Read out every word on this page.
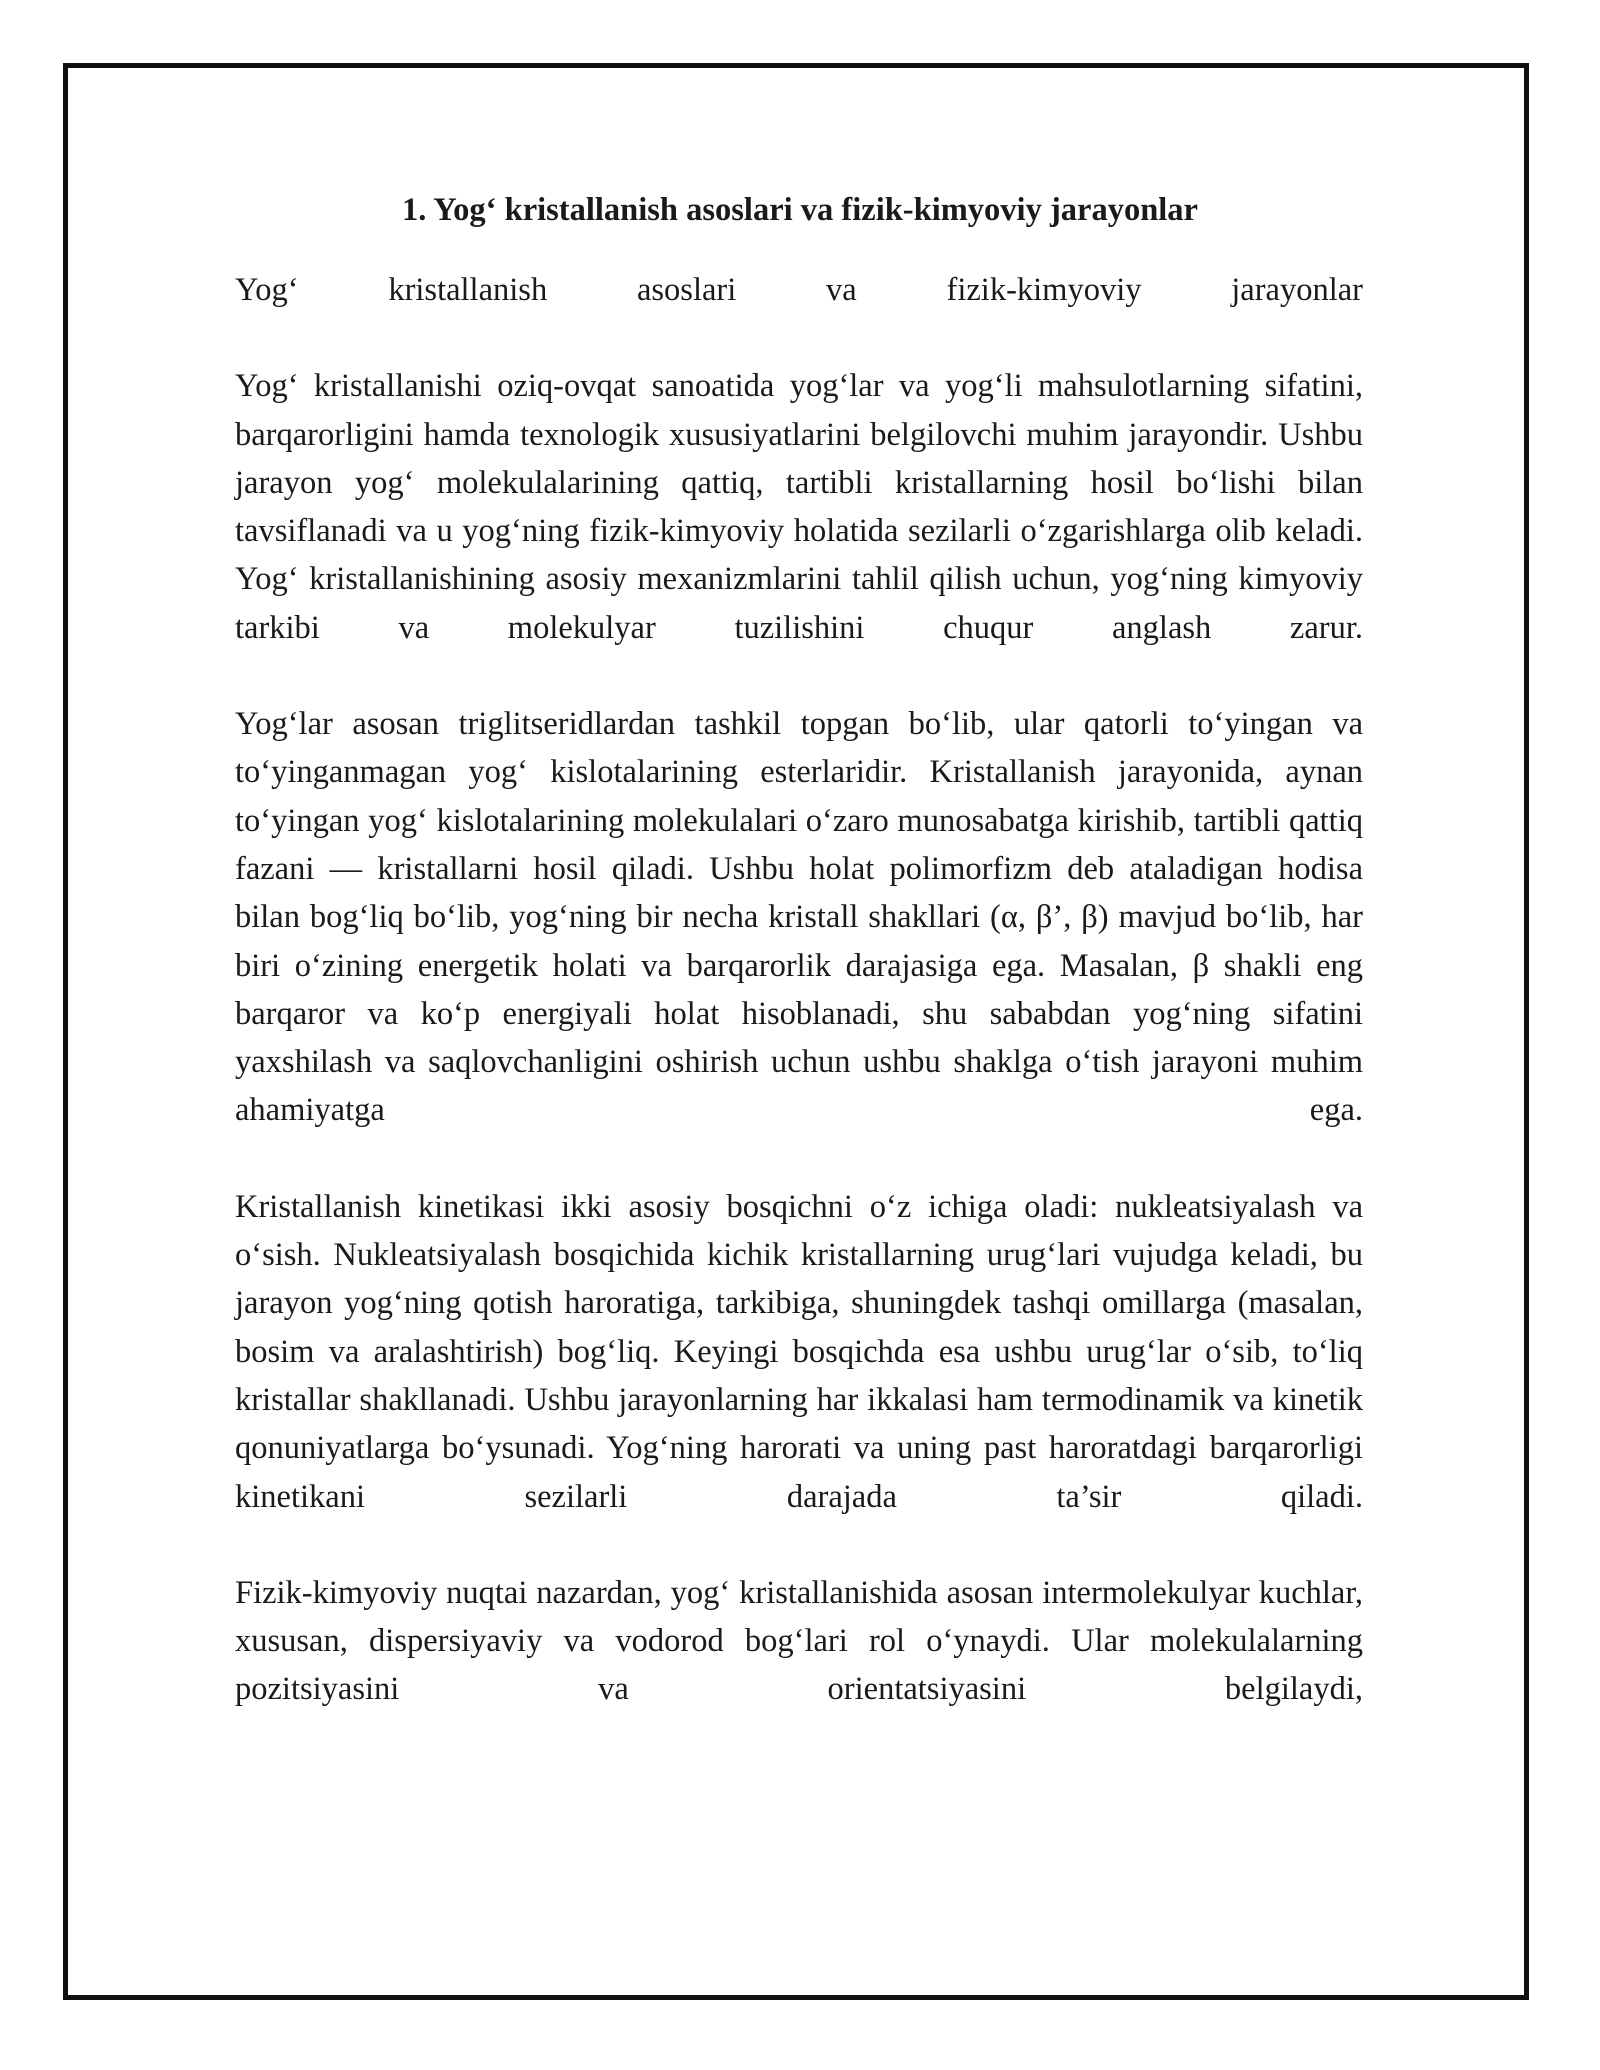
1. Yog‘ kristallanish asoslari va fizik-kimyoviy jarayonlar

Yog‘ kristallanish asoslari va fizik-kimyoviy jarayonlar

Yog‘ kristallanishi oziq-ovqat sanoatida yog‘lar va yog‘li mahsulotlarning sifatini, barqarorligini hamda texnologik xususiyatlarini belgilovchi muhim jarayondir. Ushbu jarayon yog‘ molekulalarining qattiq, tartibli kristallarning hosil bo‘lishi bilan tavsiflanadi va u yog‘ning fizik-kimyoviy holatida sezilarli o‘zgarishlarga olib keladi. Yog‘ kristallanishining asosiy mexanizmlarini tahlil qilish uchun, yog‘ning kimyoviy tarkibi va molekulyar tuzilishini chuqur anglash zarur.

Yog‘lar asosan triglitseridlardan tashkil topgan bo‘lib, ular qatorli to‘yingan va to‘yinganmagan yog‘ kislotalarining esterlaridir. Kristallanish jarayonida, aynan to‘yingan yog‘ kislotalarining molekulalari o‘zaro munosabatga kirishib, tartibli qattiq fazani — kristallarni hosil qiladi. Ushbu holat polimorfizm deb ataladigan hodisa bilan bog‘liq bo‘lib, yog‘ning bir necha kristall shakllari (α, β’, β) mavjud bo‘lib, har biri o‘zining energetik holati va barqarorlik darajasiga ega. Masalan, β shakli eng barqaror va ko‘p energiyali holat hisoblanadi, shu sababdan yog‘ning sifatini yaxshilash va saqlovchanligini oshirish uchun ushbu shaklga o‘tish jarayoni muhim ahamiyatga ega.

Kristallanish kinetikasi ikki asosiy bosqichni o‘z ichiga oladi: nukleatsiyalash va o‘sish. Nukleatsiyalash bosqichida kichik kristallarning urug‘lari vujudga keladi, bu jarayon yog‘ning qotish haroratiga, tarkibiga, shuningdek tashqi omillarga (masalan, bosim va aralashtirish) bog‘liq. Keyingi bosqichda esa ushbu urug‘lar o‘sib, to‘liq kristallar shakllanadi. Ushbu jarayonlarning har ikkalasi ham termodinamik va kinetik qonuniyatlarga bo‘ysunadi. Yog‘ning harorati va uning past haroratdagi barqarorligi kinetikani sezilarli darajada ta’sir qiladi.

Fizik-kimyoviy nuqtai nazardan, yog‘ kristallanishida asosan intermolekulyar kuchlar, xususan, dispersiyaviy va vodorod bog‘lari rol o‘ynaydi. Ular molekulalarning pozitsiyasini va orientatsiyasini belgilaydi,
